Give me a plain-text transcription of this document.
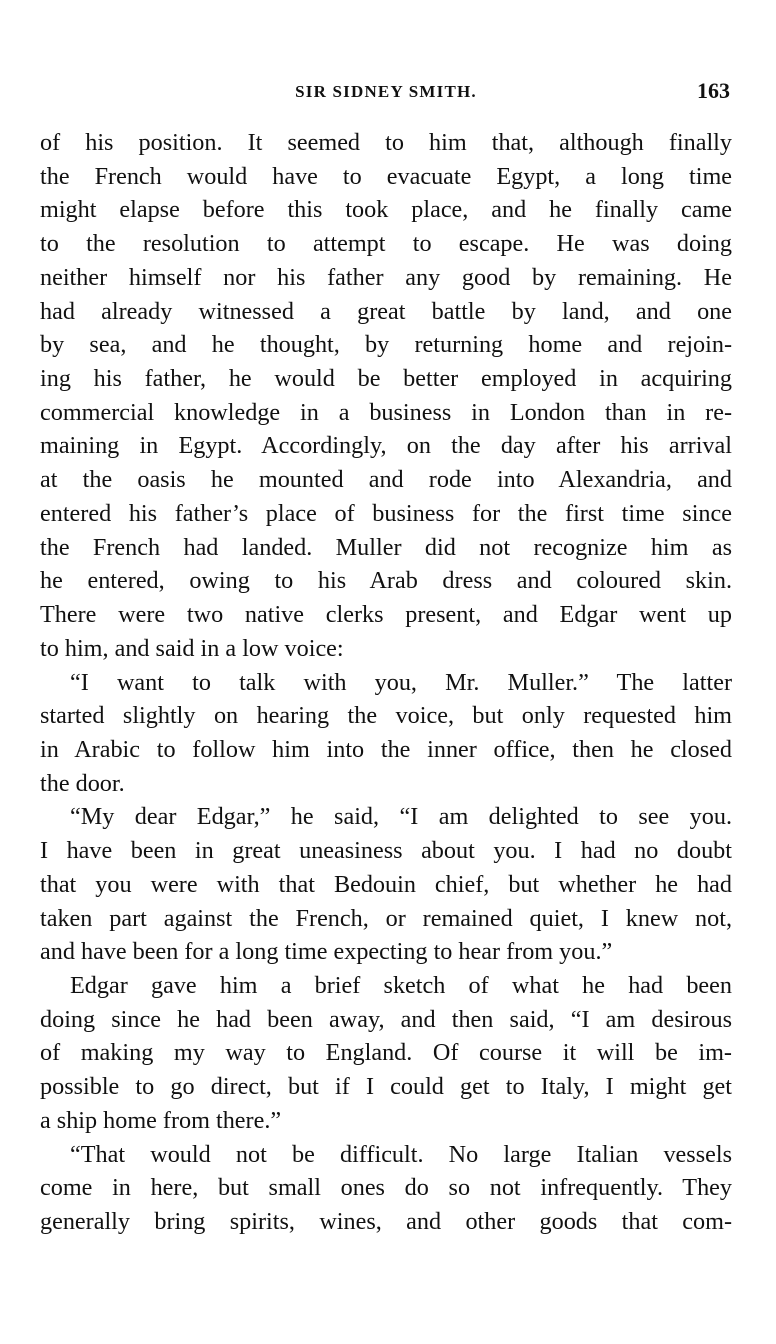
SIR SIDNEY SMITH.	163
of his position. It seemed to him that, although finally
the French would have to evacuate Egypt, a long time
might elapse before this took place, and he finally came
to the resolution to attempt to escape. He was doing
neither himself nor his father any good by remaining. He
had already witnessed a great battle by land, and one
by sea, and he thought, by returning home and rejoin-
ing his father, he would be better employed in acquiring
commercial knowledge in a business in London than in re-
maining in Egypt. Accordingly, on the day after his arrival
at the oasis he mounted and rode into Alexandria, and
entered his father’s place of business for the first time since
the French had landed. Muller did not recognize him as
he entered, owing to his Arab dress and coloured skin.
There were two native clerks present, and Edgar went up
to him, and said in a low voice:
“I want to talk with you, Mr. Muller.” The latter
started slightly on hearing the voice, but only requested him
in Arabic to follow him into the inner office, then he closed
the door.
“My dear Edgar,” he said, “I am delighted to see you.
I have been in great uneasiness about you. I had no doubt
that you were with that Bedouin chief, but whether he had
taken part against the French, or remained quiet, I knew not,
and have been for a long time expecting to hear from you.”
Edgar gave him a brief sketch of what he had been
doing since he had been away, and then said, “I am desirous
of making my way to England. Of course it will be im-
possible to go direct, but if I could get to Italy, I might get
a ship home from there.”
“That would not be difficult. No large Italian vessels
come in here, but small ones do so not infrequently. They
generally bring spirits, wines, and other goods that com-
